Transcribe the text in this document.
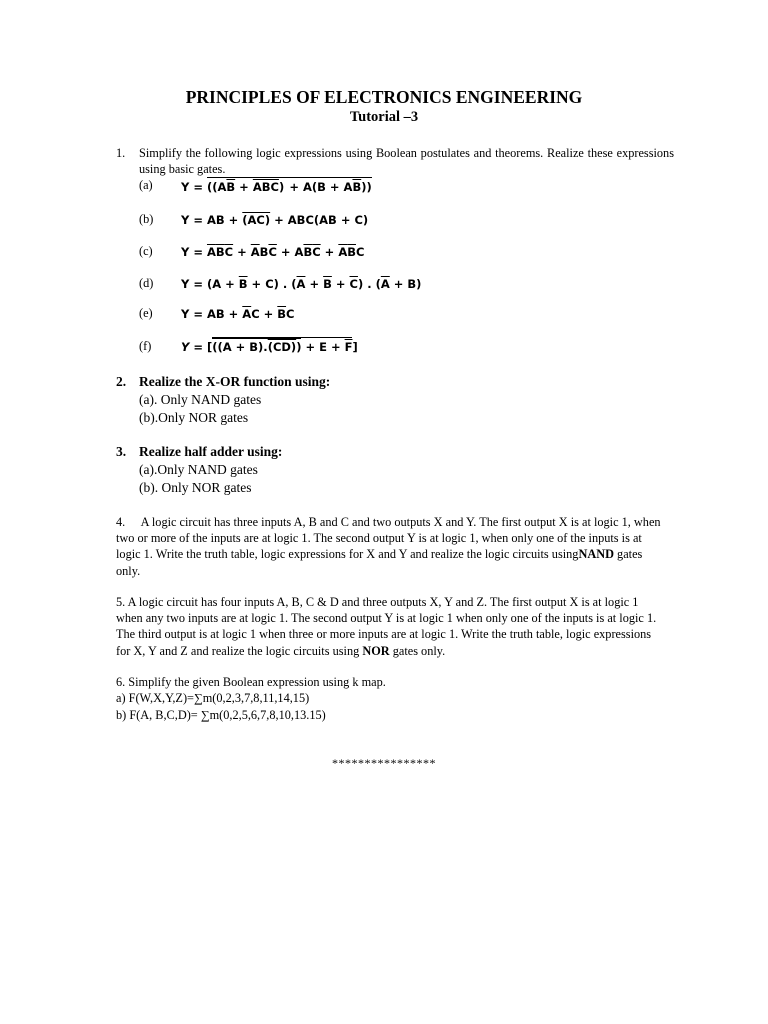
PRINCIPLES OF ELECTRONICS ENGINEERING
Tutorial –3
1. Simplify the following logic expressions using Boolean postulates and theorems. Realize these expressions using basic gates.
(a) $Y = ((A\overline{B} + \overline{ABC})$  + $A(B + A\overline{B})$)
(b) Y = AB + (AC) + ABC(AB + C)
(c) $Y = \overline{A}\overline{B}\overline{C} + \overline{A}B\overline{C} + A\overline{B}\overline{C} + \overline{A}\overline{B}C$
(d) $Y = (A + \overline{B} + C)$ . $(\overline{A} + \overline{B} + \overline{C})$ . $(\overline{A} + B)$
(e) Y = AB + $\overline{A}C + \overline{B}C$
(f)	$Y = [((A + B).(CD)) + E + \overline{F}]$
2. Realize the X-OR function using:
(a). Only NAND gates
(b).Only NOR gates
3. Realize half adder using:
(a).Only NAND gates
(b). Only NOR gates
4. A logic circuit has three inputs A, B and C and two outputs X and Y. The first output X is at logic 1, when two or more of the inputs are at logic 1. The second output Y is at logic 1, when only one of the inputs is at logic 1. Write the truth table, logic expressions for X and Y and realize the logic circuits usingNAND gates only.
5. A logic circuit has four inputs A, B, C & D and three outputs X, Y and Z. The first output X is at logic 1 when any two inputs are at logic 1. The second output Y is at logic 1 when only one of the inputs is at logic 1. The third output is at logic 1 when three or more inputs are at logic 1. Write the truth table, logic expressions for X, Y and Z and realize the logic circuits using NOR gates only.
6. Simplify the given Boolean expression using k map.
a) F(W,X,Y,Z)=∑m(0,2,3,7,8,11,14,15)
b) F(A, B,C,D)= ∑m(0,2,5,6,7,8,10,13.15)
****************
